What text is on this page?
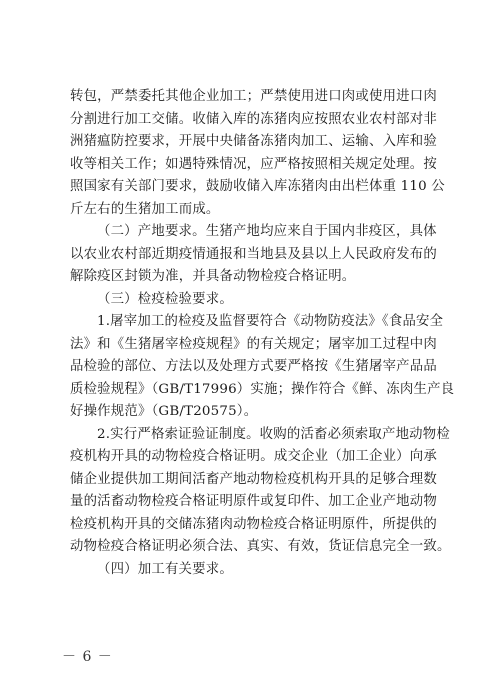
转包，严禁委托其他企业加工；严禁使用进口肉或使用进口肉
分割进行加工交储。收储入库的冻猪肉应按照农业农村部对非
洲猪瘟防控要求，开展中央储备冻猪肉加工、运输、入库和验
收等相关工作；如遇特殊情况，应严格按照相关规定处理。按
照国家有关部门要求，鼓励收储入库冻猪肉由出栏体重 110 公
斤左右的生猪加工而成。
（二）产地要求。生猪产地均应来自于国内非疫区，具体
以农业农村部近期疫情通报和当地县及县以上人民政府发布的
解除疫区封锁为准，并具备动物检疫合格证明。
（三）检疫检验要求。
1.屠宰加工的检疫及监督要符合《动物防疫法》《食品安全
法》和《生猪屠宰检疫规程》的有关规定；屠宰加工过程中肉
品检验的部位、方法以及处理方式要严格按《生猪屠宰产品品
质检验规程》（GB/T17996）实施；操作符合《鲜、冻肉生产良
好操作规范》（GB/T20575）。
2.实行严格索证验证制度。收购的活畜必须索取产地动物检
疫机构开具的动物检疫合格证明。成交企业（加工企业）向承
储企业提供加工期间活畜产地动物检疫机构开具的足够合理数
量的活畜动物检疫合格证明原件或复印件、加工企业产地动物
检疫机构开具的交储冻猪肉动物检疫合格证明原件，所提供的
动物检疫合格证明必须合法、真实、有效，货证信息完全一致。
（四）加工有关要求。
－ 6 －
